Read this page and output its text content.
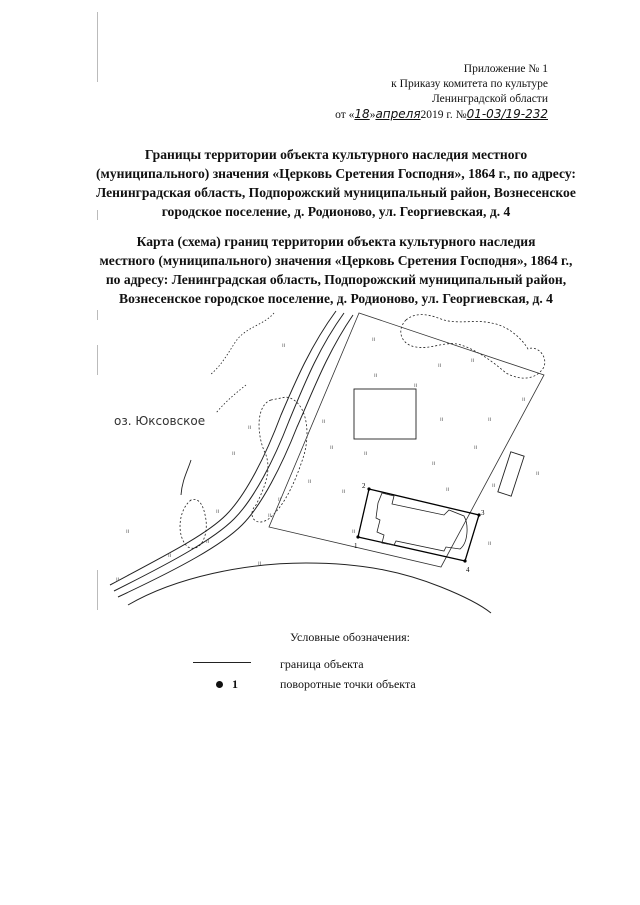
Приложение № 1
к Приказу комитета по культуре
Ленинградской области
от «18»апреля2019 г. №01-03/19-232
Границы территории объекта культурного наследия местного
(муниципального) значения «Церковь Сретения Господня», 1864 г., по адресу:
Ленинградская область, Подпорожский муниципальный район, Вознесенское
городское поселение, д. Родионово, ул. Георгиевская, д. 4
Карта (схема) границ территории объекта культурного наследия
местного (муниципального) значения «Церковь Сретения Господня», 1864 г.,
по адресу: Ленинградская область, Подпорожский муниципальный район,
Вознесенское городское поселение, д. Родионово, ул. Георгиевская, д. 4
ıı
ıı
ıı
ıı
ıı
ıı
ıı
ıı	ıı
ıı
ıı
ıı
ıı
ıı
ıı
ıı
ıı
ıı
ıı	ıı
ıı
ıı
ıı
ıı
ıı
ıı
ıı
ıı
ıı
ıı
ıı
оз. Юксовское
1
2
3
4
Условные обозначения:
граница объекта
1	поворотные точки объекта
